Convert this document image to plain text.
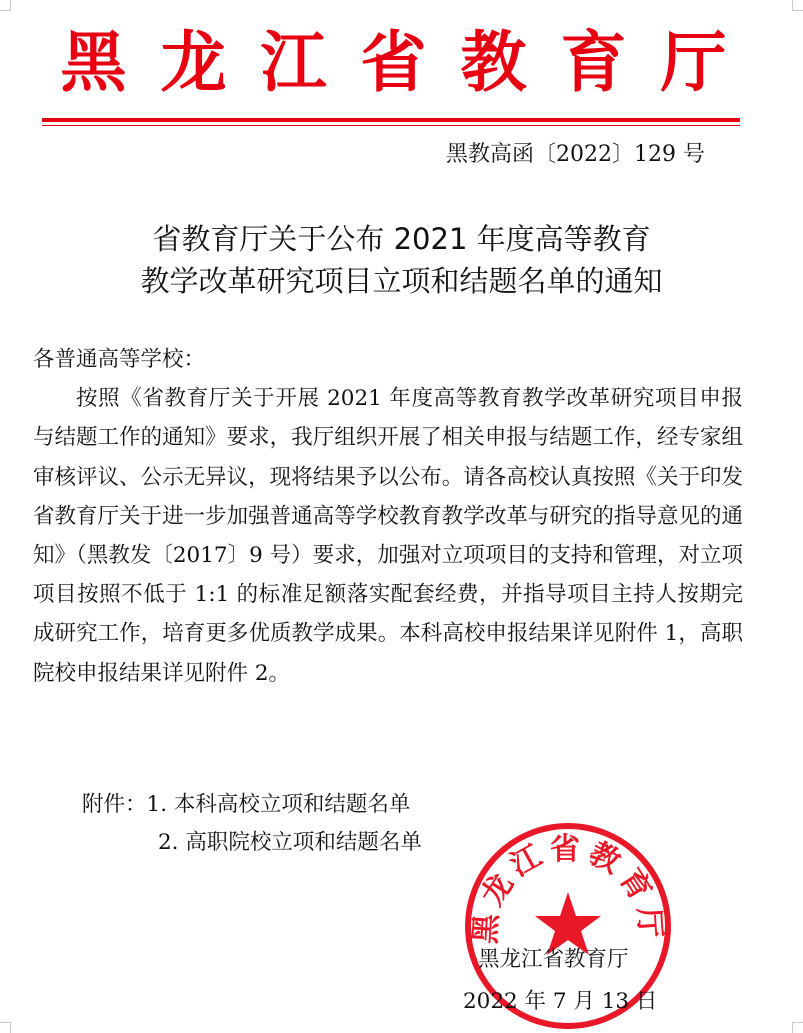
黑龙江省教育厅
黑教高函〔2022〕129 号
省教育厅关于公布 2021 年度高等教育
教学改革研究项目立项和结题名单的通知
各普通高等学校：

按照《省教育厅关于开展 2021 年度高等教育教学改革研究项目申报与结题工作的通知》要求，我厅组织开展了相关申报与结题工作，经专家组审核评议、公示无异议，现将结果予以公布。请各高校认真按照《关于印发省教育厅关于进一步加强普通高等学校教育教学改革与研究的指导意见的通知》（黑教发〔2017〕9 号）要求，加强对立项项目的支持和管理，对立项项目按照不低于 1:1 的标准足额落实配套经费，并指导项目主持人按期完成研究工作，培育更多优质教学成果。本科高校申报结果详见附件 1，高职院校申报结果详见附件 2。

附件：1. 本科高校立项和结题名单
2. 高职院校立项和结题名单
黑龙江省教育厅
黑龙江省教育厅
2022 年 7 月 13 日
